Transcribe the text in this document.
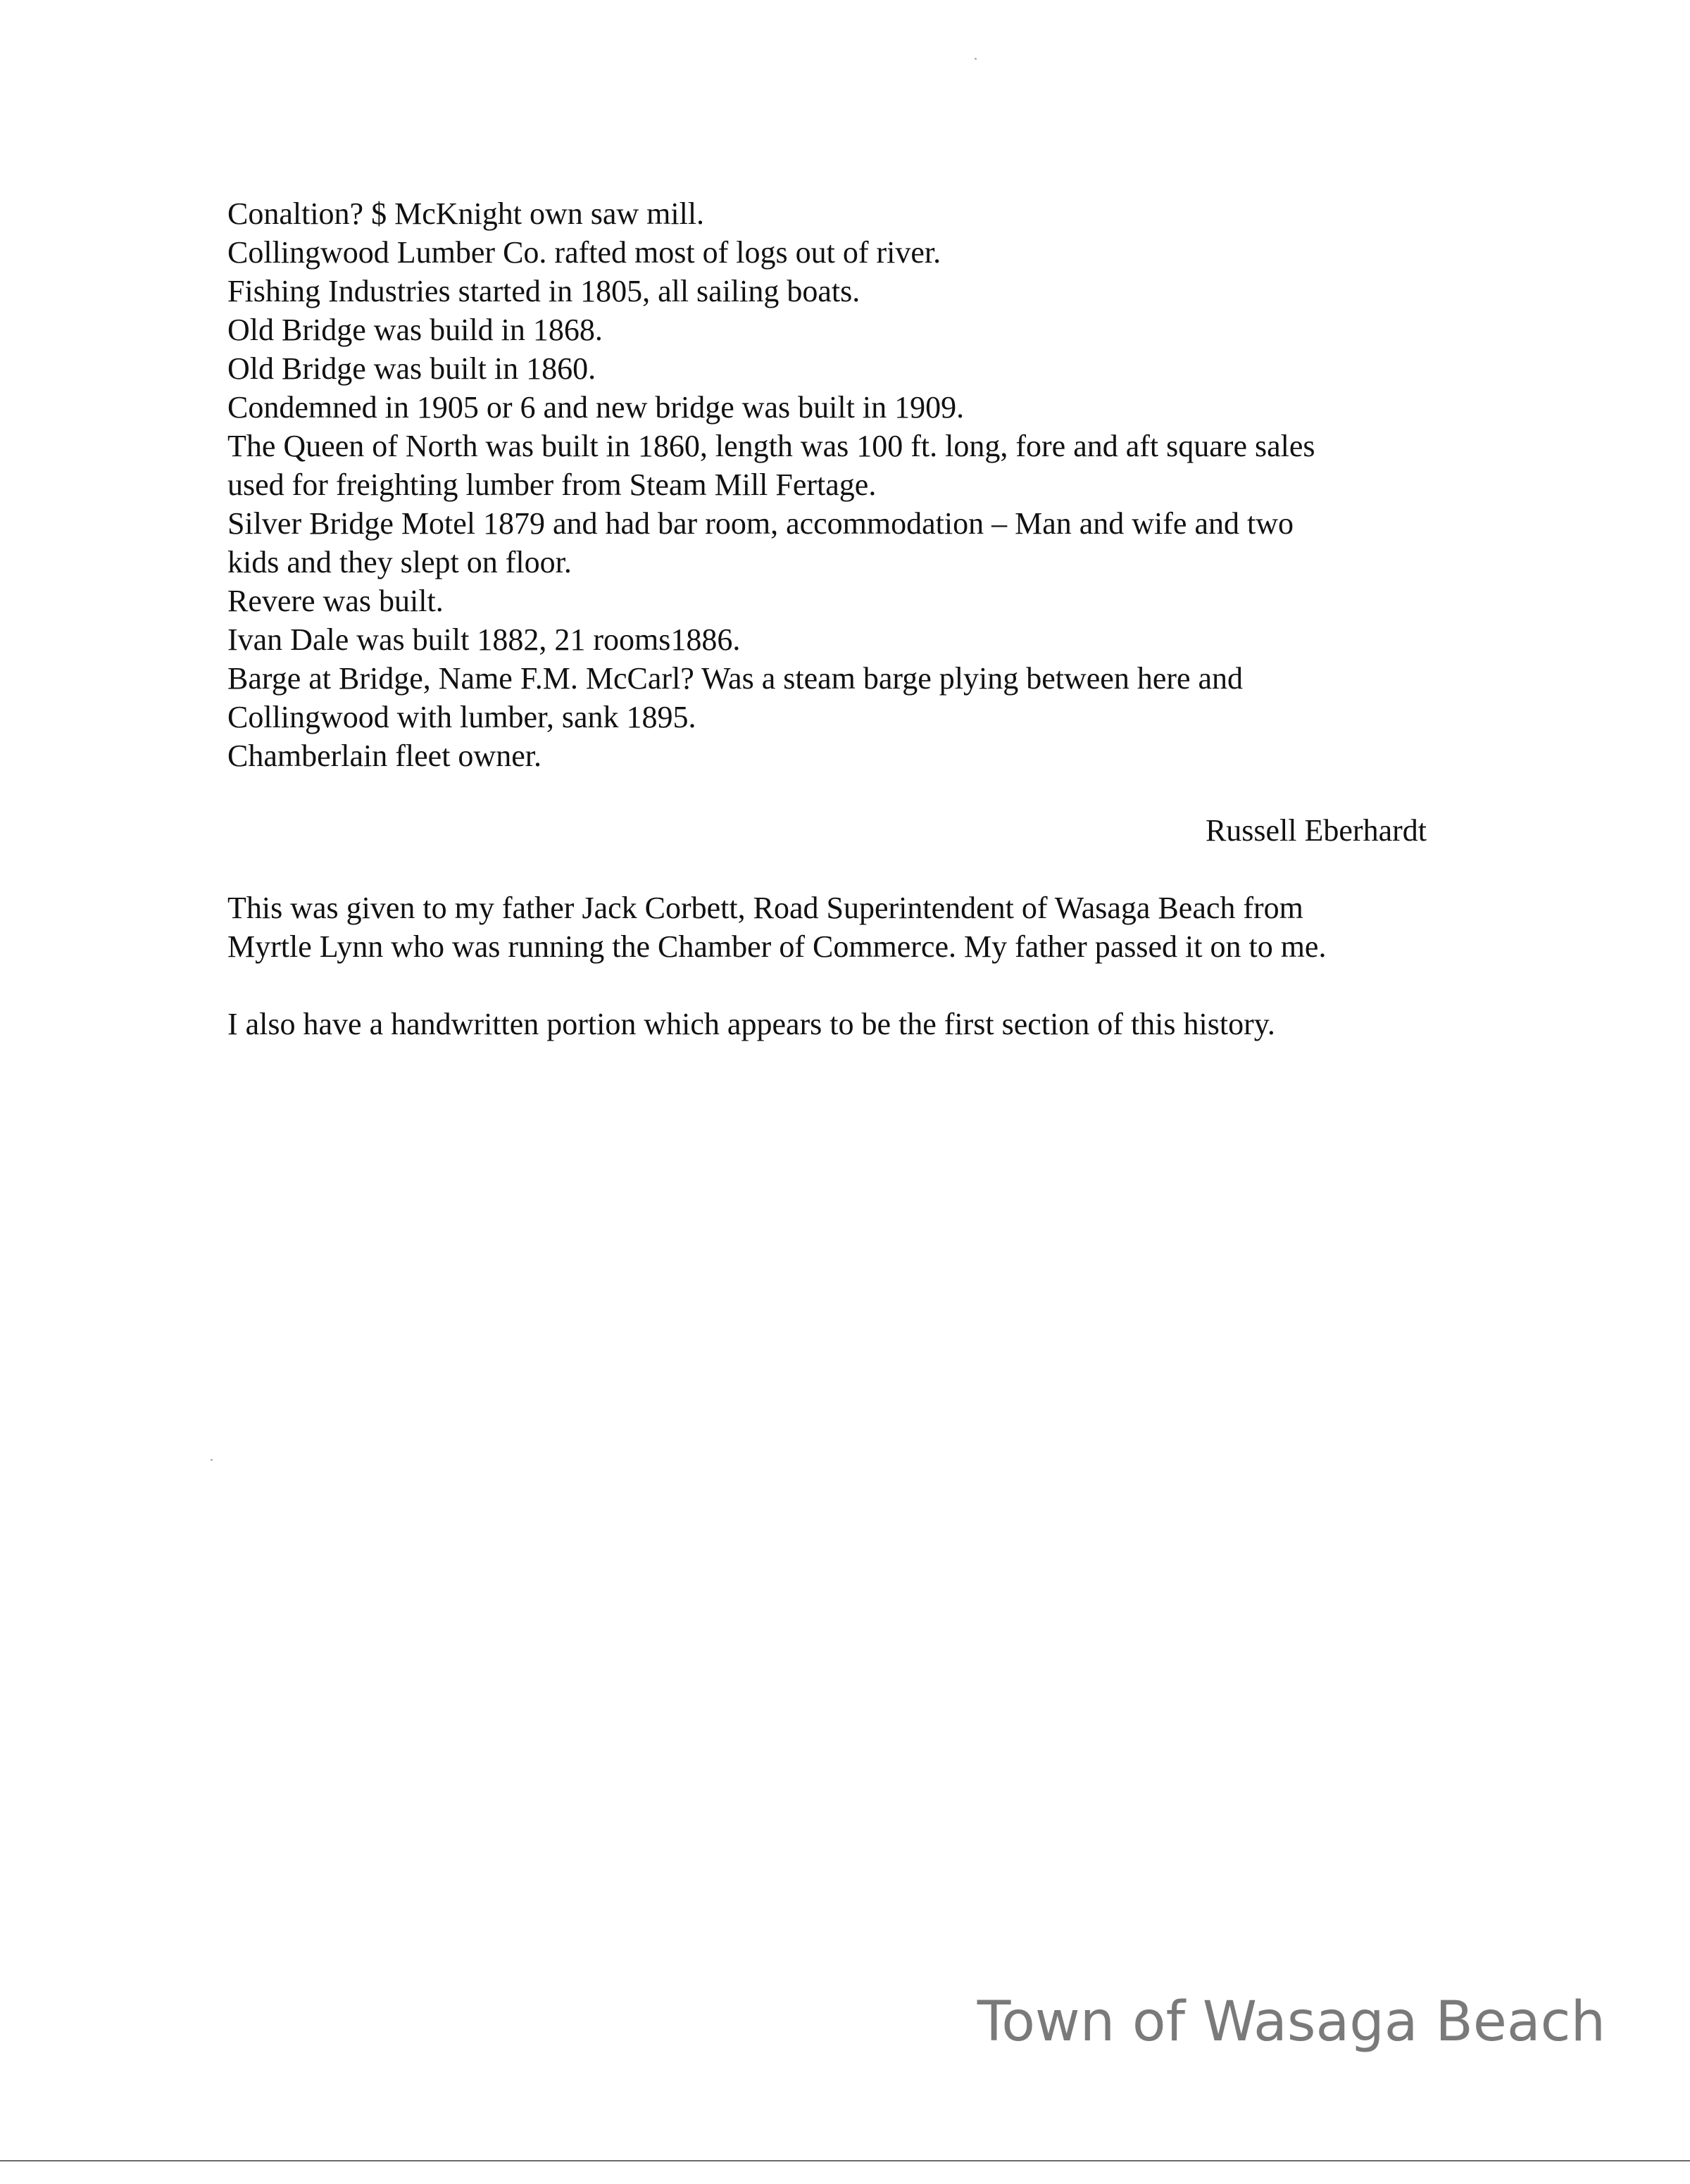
Conaltion? $ McKnight own saw mill.
Collingwood Lumber Co. rafted most of logs out of river.
Fishing Industries started in 1805, all sailing boats.
Old Bridge was build in 1868.
Old Bridge was built in 1860.
Condemned in 1905 or 6 and new bridge was built in 1909.
The Queen of North was built in 1860, length was 100 ft. long, fore and aft square sales
used for freighting lumber from Steam Mill Fertage.
Silver Bridge Motel 1879 and had bar room, accommodation – Man and wife and two
kids and they slept on floor.
Revere was built.
Ivan Dale was built 1882, 21 rooms1886.
Barge at Bridge, Name F.M. McCarl? Was a steam barge plying between here and
Collingwood with lumber, sank 1895.
Chamberlain fleet owner.
Russell Eberhardt
This was given to my father Jack Corbett, Road Superintendent of Wasaga Beach from
Myrtle Lynn who was running the Chamber of Commerce. My father passed it on to me.
I also have a handwritten portion which appears to be the first section of this history.
Town of Wasaga Beach
